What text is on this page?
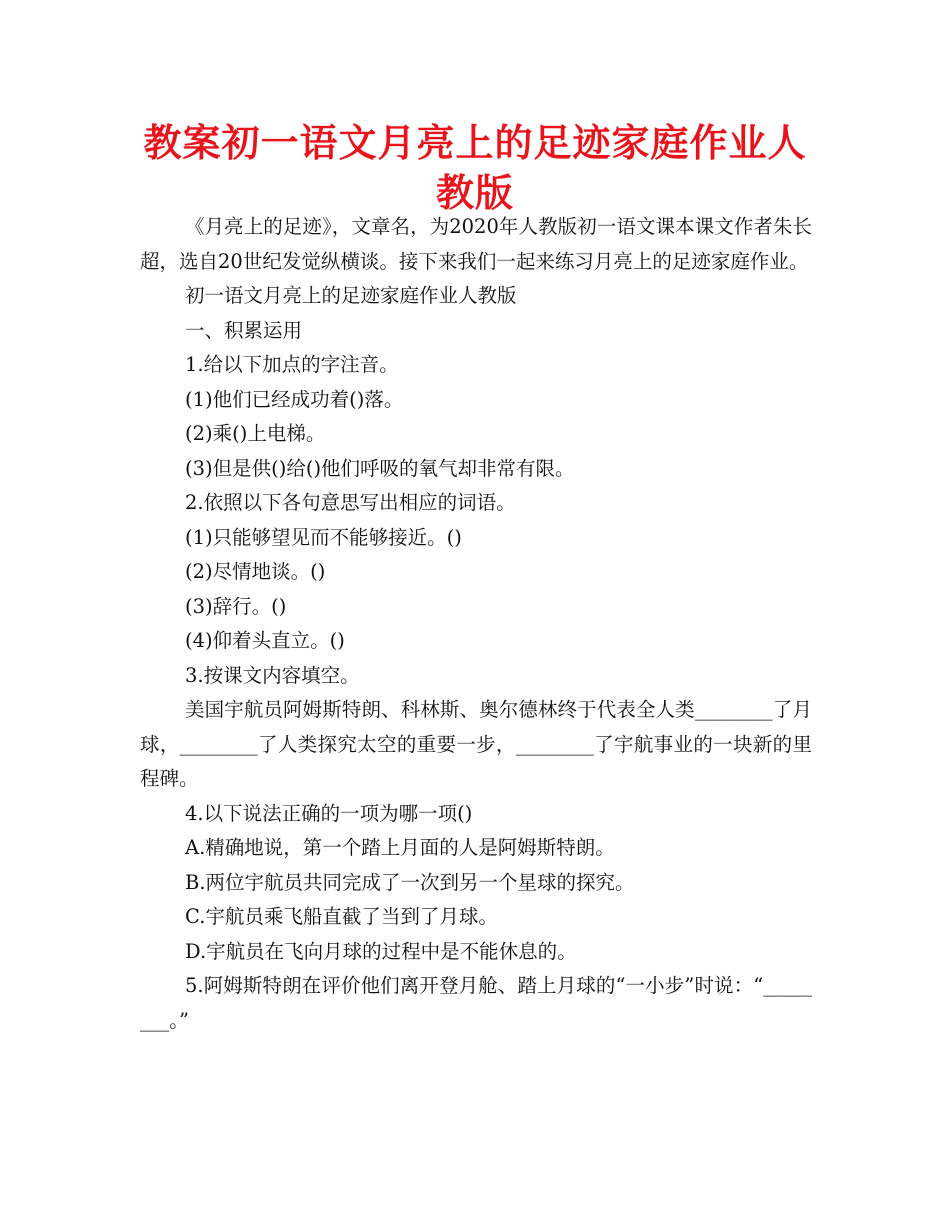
教案初一语文月亮上的足迹家庭作业人教版

《月亮上的足迹》，文章名，为2020年人教版初一语文课本课文作者朱长超，选自20世纪发觉纵横谈。接下来我们一起来练习月亮上的足迹家庭作业。

初一语文月亮上的足迹家庭作业人教版

一、积累运用

1.给以下加点的字注音。

(1)他们已经成功着()落。

(2)乘()上电梯。

(3)但是供()给()他们呼吸的氧气却非常有限。

2.依照以下各句意思写出相应的词语。

(1)只能够望见而不能够接近。()

(2)尽情地谈。()

(3)辞行。()

(4)仰着头直立。()

3.按课文内容填空。

美国宇航员阿姆斯特朗、科林斯、奥尔德林终于代表全人类________了月球，________了人类探究太空的重要一步，________了宇航事业的一块新的里程碑。

4.以下说法正确的一项为哪一项()

A.精确地说，第一个踏上月面的人是阿姆斯特朗。

B.两位宇航员共同完成了一次到另一个星球的探究。

C.宇航员乘飞船直截了当到了月球。

D.宇航员在飞向月球的过程中是不能休息的。

5.阿姆斯特朗在评价他们离开登月舱、踏上月球的“一小步”时说：“________。”
